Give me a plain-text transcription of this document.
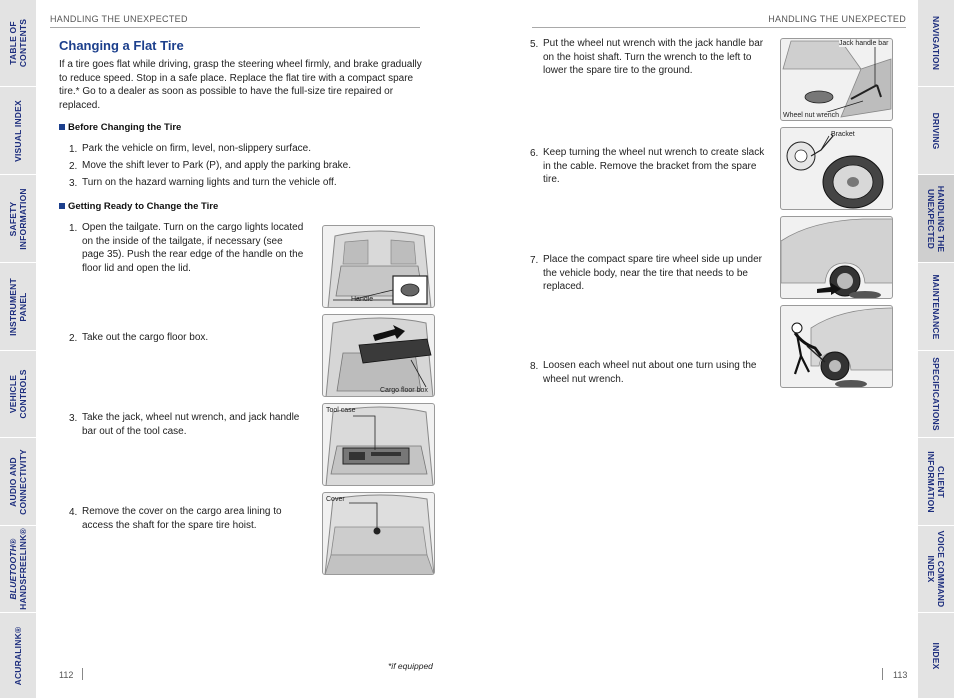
TABLE OF CONTENTS
VISUAL INDEX
SAFETY INFORMATION
INSTRUMENT PANEL
VEHICLE CONTROLS
AUDIO AND CONNECTIVITY
BLUETOOTH® HANDSFREELINK®
ACURALINK®
NAVIGATION
DRIVING
HANDLING THE
UNEXPECTED
MAINTENANCE
SPECIFICATIONS
CLIENT
INFORMATION
VOICE COMMAND
INDEX
INDEX
HANDLING THE UNEXPECTED	HANDLING THE UNEXPECTED
Changing a Flat Tire
If a tire goes flat while driving, grasp the steering wheel firmly, and brake gradually to reduce speed. Stop in a safe place. Replace the flat tire with a compact spare tire.* Go to a dealer as soon as possible to have the full-size tire repaired or replaced.
Before Changing the Tire
1. Park the vehicle on firm, level, non-slippery surface.
2. Move the shift lever to Park (P), and apply the parking brake.
3. Turn on the hazard warning lights and turn the vehicle off.
Getting Ready to Change the Tire
1. Open the tailgate. Turn on the cargo lights located on the inside of the tailgate, if necessary (see page 35). Push the rear edge of the handle on the floor lid and open the lid.
Handle
2. Take out the cargo floor box.
Cargo floor box
3. Take the jack, wheel nut wrench, and jack handle bar out of the tool case.
Tool case
4. Remove the cover on the cargo area lining to access the shaft for the spare tire hoist.
Cover
*if equipped
112
5. Put the wheel nut wrench with the jack handle bar on the hoist shaft. Turn the wrench to the left to lower the spare tire to the ground.
Jack handle bar
Wheel nut wrench
6. Keep turning the wheel nut wrench to create slack in the cable. Remove the bracket from the spare tire.
Bracket
7. Place the compact spare tire wheel side up under the vehicle body, near the tire that needs to be replaced.
8. Loosen each wheel nut about one turn using the wheel nut wrench.
113
